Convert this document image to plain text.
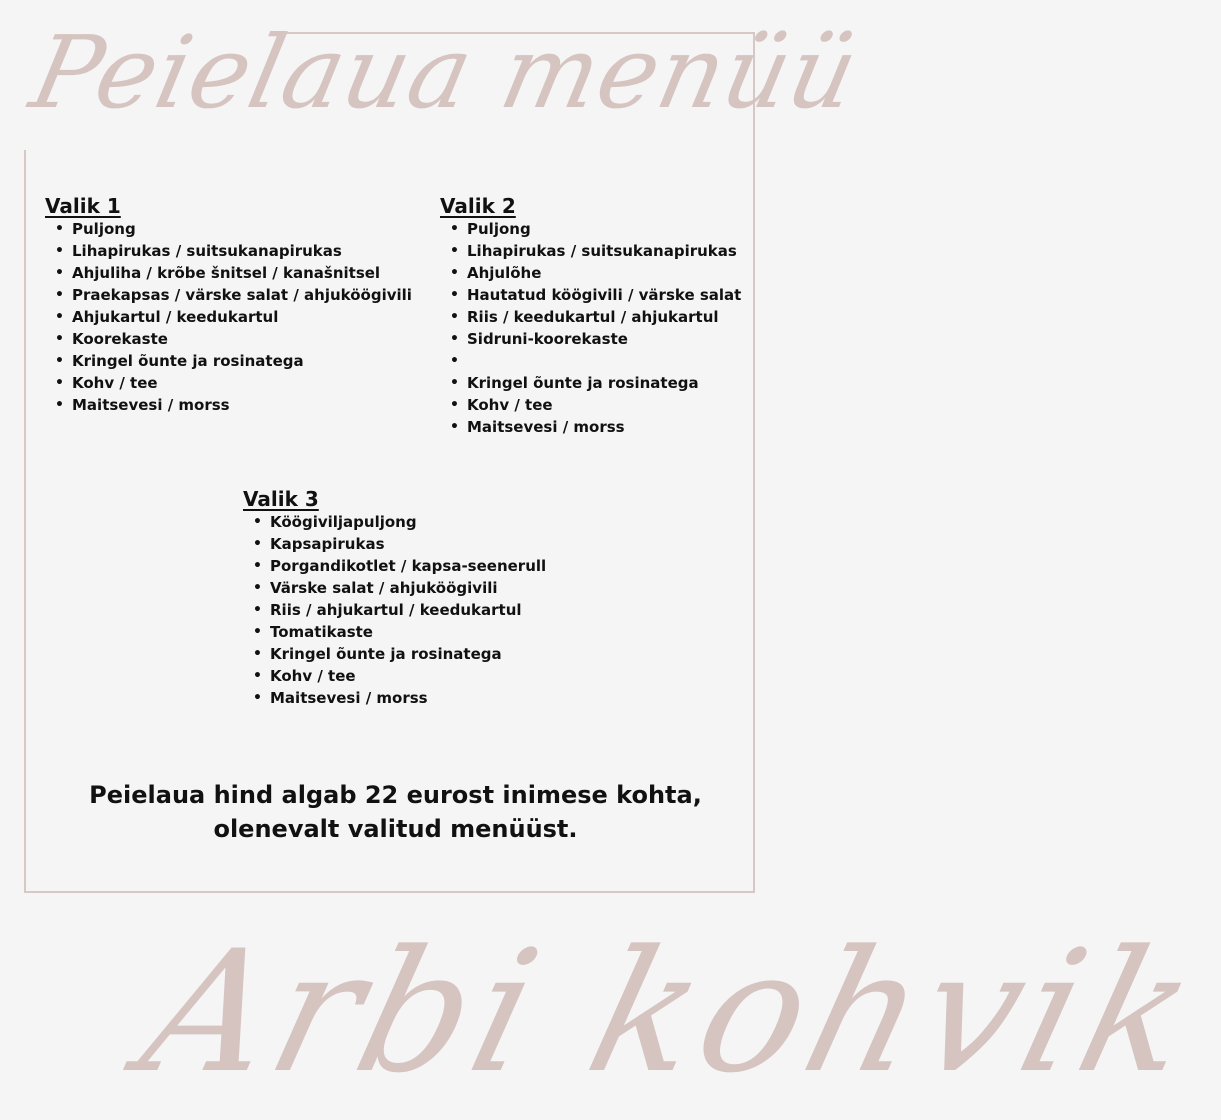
Peielaua menüü
Valik 1
• Puljong
• Lihapirukas / suitsukanapirukas
• Ahjuliha / krõbe šnitsel / kanašnitsel
• Praekapsas / värske salat / ahjuköögivili
• Ahjukartul / keedukartul
• Koorekaste
• Kringel õunte ja rosinatega
• Kohv / tee
• Maitsevesi / morss
Valik 2
• Puljong
• Lihapirukas / suitsukanapirukas
• Ahjulõhe
• Hautatud köögivili / värske salat
• Riis / keedukartul / ahjukartul
• Sidruni-koorekaste
•
• Kringel õunte ja rosinatega
• Kohv / tee
• Maitsevesi / morss
Valik 3
• Köögiviljapuljong
• Kapsapirukas
• Porgandikotlet / kapsa-seenerull
• Värske salat / ahjuköögivili
• Riis / ahjukartul / keedukartul
• Tomatikaste
• Kringel õunte ja rosinatega
• Kohv / tee
• Maitsevesi / morss
Peielaua hind algab 22 eurost inimese kohta, olenevalt valitud menüüst.
Arbi kohvik
